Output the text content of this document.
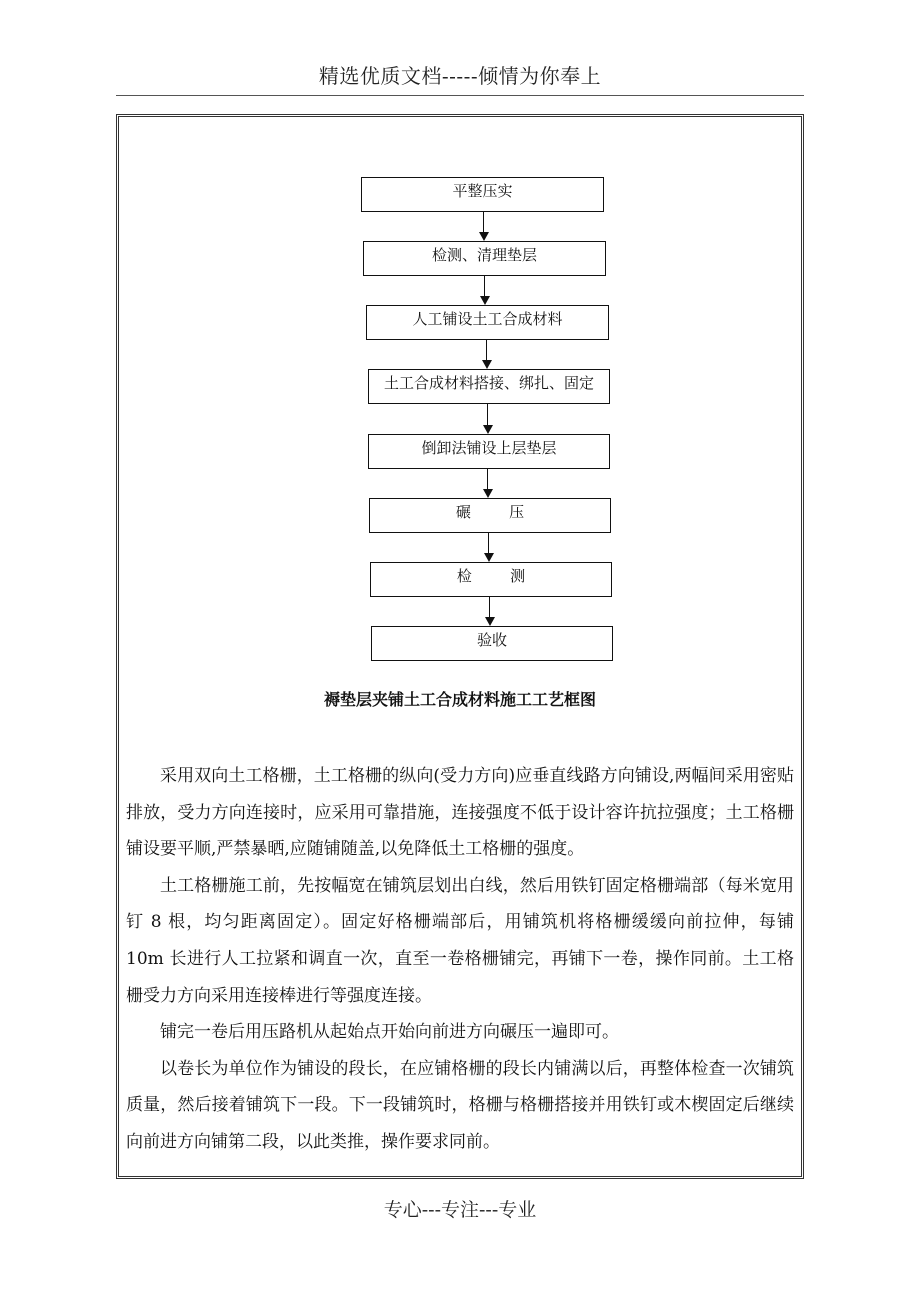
精选优质文档-----倾情为你奉上
平整压实
检测、清理垫层
人工铺设土工合成材料
土工合成材料搭接、绑扎、固定
倒卸法铺设上层垫层
碾        压
检        测
验收
褥垫层夹铺土工合成材料施工工艺框图

采用双向土工格栅，土工格栅的纵向(受力方向)应垂直线路方向铺设,两幅间采用密贴排放，受力方向连接时，应采用可靠措施，连接强度不低于设计容许抗拉强度；土工格栅铺设要平顺,严禁暴晒,应随铺随盖,以免降低土工格栅的强度。

土工格栅施工前，先按幅宽在铺筑层划出白线，然后用铁钉固定格栅端部（每米宽用钉 8 根，均匀距离固定）。固定好格栅端部后，用铺筑机将格栅缓缓向前拉伸，每铺 10m 长进行人工拉紧和调直一次，直至一卷格栅铺完，再铺下一卷，操作同前。土工格栅受力方向采用连接棒进行等强度连接。

铺完一卷后用压路机从起始点开始向前进方向碾压一遍即可。

以卷长为单位作为铺设的段长，在应铺格栅的段长内铺满以后，再整体检查一次铺筑质量，然后接着铺筑下一段。下一段铺筑时，格栅与格栅搭接并用铁钉或木楔固定后继续向前进方向铺第二段，以此类推，操作要求同前。

专心---专注---专业
